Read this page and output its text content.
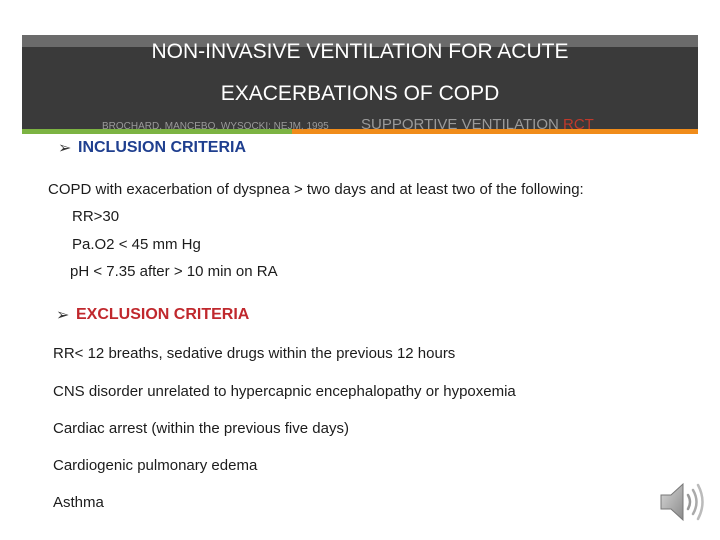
NON-INVASIVE VENTILATION FOR ACUTE
EXACERBATIONS OF COPD
BROCHARD, MANCEBO, WYSOCKI: NEJM, 1995 SUPPORTIVE VENTILATION RCT
➢ INCLUSION CRITERIA
COPD with exacerbation of dyspnea > two days and at least two of the following:
RR>30
Pa.O2 < 45 mm Hg
pH < 7.35 after > 10 min on RA
➢ EXCLUSION CRITERIA
RR< 12 breaths, sedative drugs within the previous 12 hours
CNS disorder unrelated to hypercapnic encephalopathy or hypoxemia
Cardiac arrest (within the previous five days)
Cardiogenic pulmonary edema
Asthma
